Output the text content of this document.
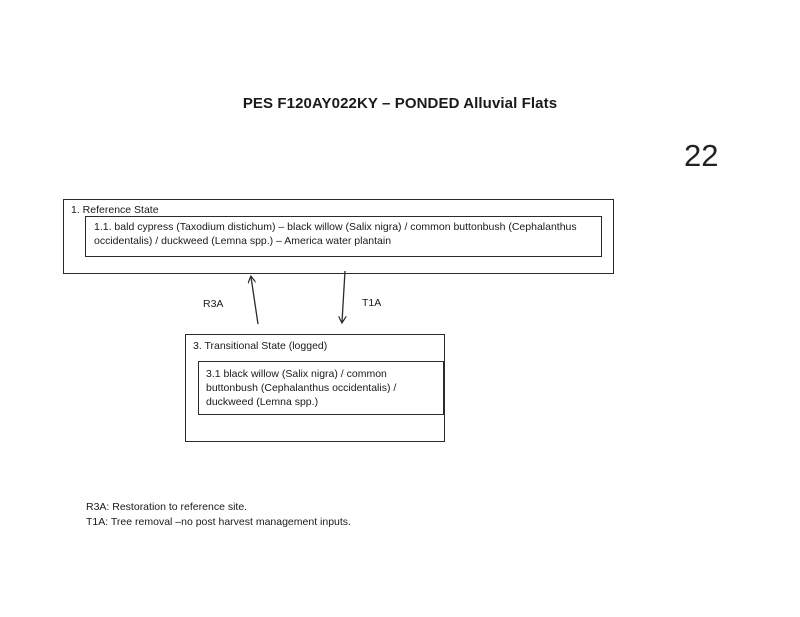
PES F120AY022KY – PONDED Alluvial Flats
22
1. Reference State
1.1. bald cypress (Taxodium distichum) – black willow (Salix nigra) / common buttonbush (Cephalanthus occidentalis) / duckweed (Lemna spp.) – America water plantain
3. Transitional State (logged)
3.1 black willow (Salix nigra) / common buttonbush (Cephalanthus occidentalis) / duckweed (Lemna spp.)
R3A	T1A
R3A: Restoration to reference site.
T1A: Tree removal –no post harvest management inputs.
